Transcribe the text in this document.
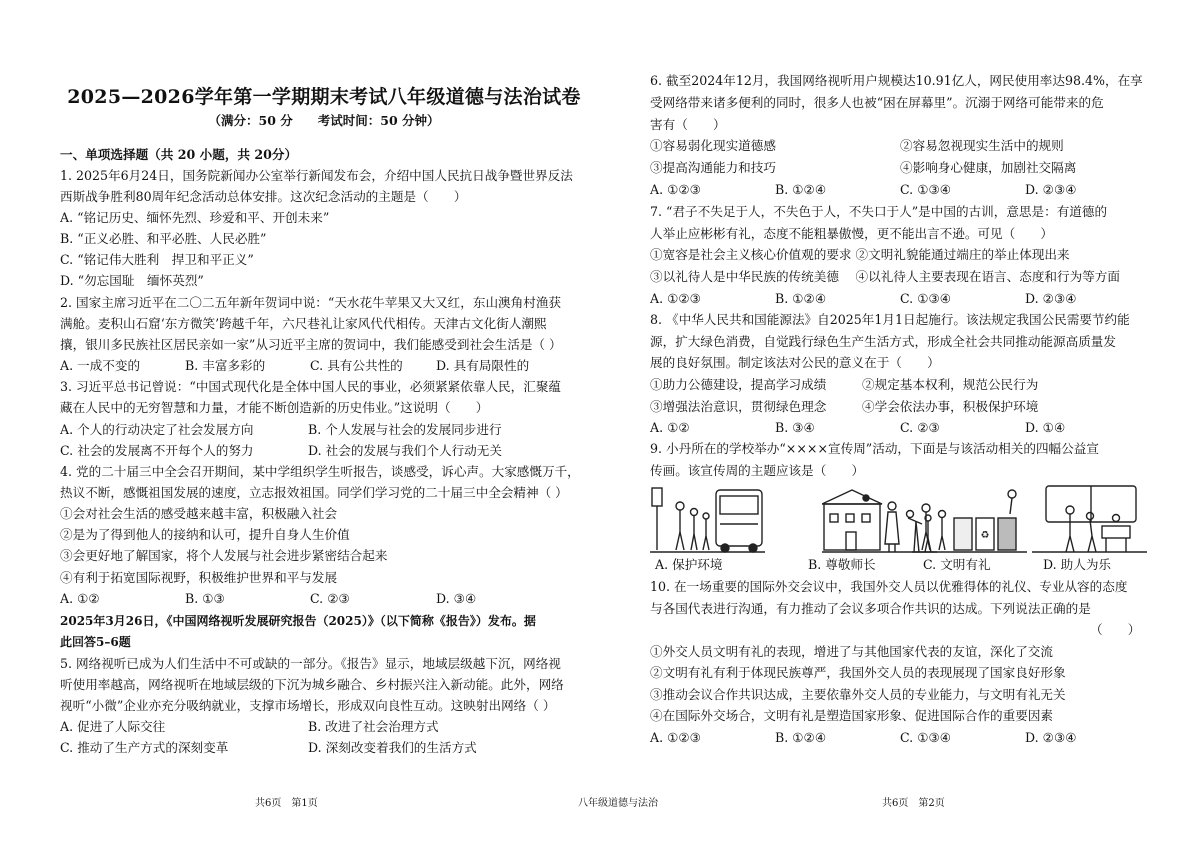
2025—2026学年第一学期期末考试八年级道德与法治试卷
（满分：50 分　　考试时间：50 分钟）
一、单项选择题（共 20 小题，共 20分）
1. 2025年6月24日，国务院新闻办公室举行新闻发布会，介绍中国人民抗日战争暨世界反法
西斯战争胜利80周年纪念活动总体安排。这次纪念活动的主题是（　　）
A. “铭记历史、缅怀先烈、珍爱和平、开创未来”
B. “正义必胜、和平必胜、人民必胜”
C. “铭记伟大胜利　捍卫和平正义”
D. “勿忘国耻　缅怀英烈”
2. 国家主席习近平在二〇二五年新年贺词中说：“天水花牛苹果又大又红，东山澳角村渔获
满舱。麦积山石窟‘东方微笑’跨越千年，六尺巷礼让家风代代相传。天津古文化街人潮熙
攘，银川多民族社区居民亲如一家”从习近平主席的贺词中，我们能感受到社会生活是（ ）
A. 一成不变的	B. 丰富多彩的	C. 具有公共性的	D. 具有局限性的
3. 习近平总书记曾说：“中国式现代化是全体中国人民的事业，必须紧紧依靠人民，汇聚蕴
藏在人民中的无穷智慧和力量，才能不断创造新的历史伟业。”这说明（　　）
A. 个人的行动决定了社会发展方向	B. 个人发展与社会的发展同步进行
C. 社会的发展离不开每个人的努力	D. 社会的发展与我们个人行动无关
4. 党的二十届三中全会召开期间，某中学组织学生听报告，谈感受，诉心声。大家感慨万千，
热议不断，感慨祖国发展的速度，立志报效祖国。同学们学习党的二十届三中全会精神（ ）
①会对社会生活的感受越来越丰富，积极融入社会
②是为了得到他人的接纳和认可，提升自身人生价值
③会更好地了解国家，将个人发展与社会进步紧密结合起来
④有利于拓宽国际视野，积极维护世界和平与发展
A. ①②	B. ①③	C. ②③	D. ③④
2025年3月26日，《中国网络视听发展研究报告（2025）》（以下简称《报告》）发布。据
此回答5–6题
5. 网络视听已成为人们生活中不可或缺的一部分。《报告》显示，地域层级越下沉，网络视
听使用率越高，网络视听在地域层级的下沉为城乡融合、乡村振兴注入新动能。此外，网络
视听“小微”企业亦充分吸纳就业，支撑市场增长，形成双向良性互动。这映射出网络（ ）
A. 促进了人际交往	B. 改进了社会治理方式
C. 推动了生产方式的深刻变革	D. 深刻改变着我们的生活方式
6. 截至2024年12月，我国网络视听用户规模达10.91亿人，网民使用率达98.4%，在享
受网络带来诸多便利的同时，很多人也被“困在屏幕里”。沉溺于网络可能带来的危
害有（　　）
①容易弱化现实道德感	②容易忽视现实生活中的规则
③提高沟通能力和技巧	④影响身心健康，加剧社交隔离
A. ①②③	B. ①②④	C. ①③④	D. ②③④
7. “君子不失足于人，不失色于人，不失口于人”是中国的古训，意思是：有道德的
人举止应彬彬有礼，态度不能粗暴傲慢，更不能出言不逊。可见（　　）
①宽容是社会主义核心价值观的要求 ②文明礼貌能通过端庄的举止体现出来
③以礼待人是中华民族的传统美德　 ④以礼待人主要表现在语言、态度和行为等方面
A. ①②③	B. ①②④	C. ①③④	D. ②③④
8. 《中华人民共和国能源法》自2025年1月1日起施行。该法规定我国公民需要节约能
源，扩大绿色消费，自觉践行绿色生产生活方式，形成全社会共同推动能源高质量发
展的良好氛围。制定该法对公民的意义在于（　　）
①助力公德建设，提高学习成绩	②规定基本权利，规范公民行为
③增强法治意识，贯彻绿色理念	④学会依法办事，积极保护环境
A. ①②	B. ③④	C. ②③	D. ①④
9. 小丹所在的学校举办“××××宣传周”活动，下面是与该活动相关的四幅公益宣
传画。该宣传周的主题应该是（　　）
♻
A. 保护环境	B. 尊敬师长	C. 文明有礼	D. 助人为乐
10. 在一场重要的国际外交会议中，我国外交人员以优雅得体的礼仪、专业从容的态度
与各国代表进行沟通，有力推动了会议多项合作共识的达成。下列说法正确的是
（　　）
①外交人员文明有礼的表现，增进了与其他国家代表的友谊，深化了交流
②文明有礼有利于体现民族尊严，我国外交人员的表现展现了国家良好形象
③推动会议合作共识达成，主要依靠外交人员的专业能力，与文明有礼无关
④在国际外交场合，文明有礼是塑造国家形象、促进国际合作的重要因素
A. ①②③	B. ①②④	C. ①③④	D. ②③④
共6页　第1页	八年级道德与法治	共6页　第2页
